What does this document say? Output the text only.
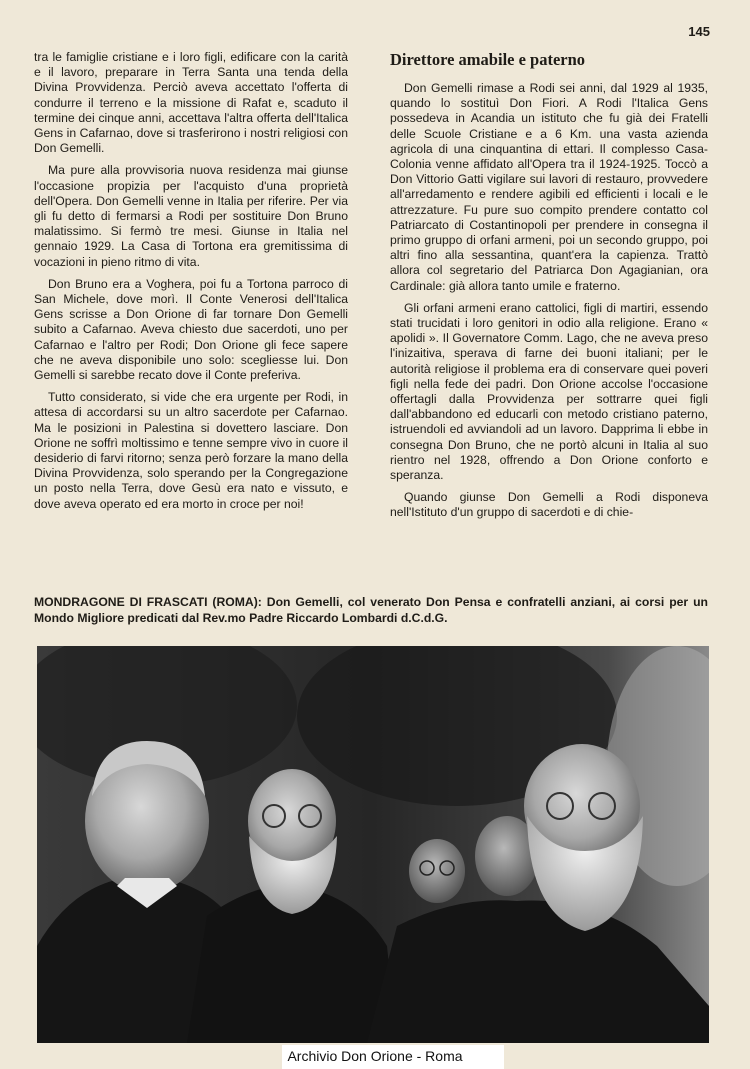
145

tra le famiglie cristiane e i loro figli, edificare con la carità e il lavoro, preparare in Terra Santa una tenda della Divina Provvidenza. Perciò aveva accettato l'offerta di condurre il terreno e la missione di Rafat e, scaduto il termine dei cinque anni, accettava l'altra offerta dell'Italica Gens in Cafarnao, dove si trasferirono i nostri religiosi con Don Gemelli.

Ma pure alla provvisoria nuova residenza mai giunse l'occasione propizia per l'acquisto d'una proprietà dell'Opera. Don Gemelli venne in Italia per riferire. Per via gli fu detto di fermarsi a Rodi per sostituire Don Bruno malatissimo. Si fermò tre mesi. Giunse in Italia nel gennaio 1929. La Casa di Tortona era gremitissima di vocazioni in pieno ritmo di vita.

Don Bruno era a Voghera, poi fu a Tortona parroco di San Michele, dove morì. Il Conte Venerosi dell'Italica Gens scrisse a Don Orione di far tornare Don Gemelli subito a Cafarnao. Aveva chiesto due sacerdoti, uno per Cafarnao e l'altro per Rodi; Don Orione gli fece sapere che ne aveva disponibile uno solo: scegliesse lui. Don Gemelli si sarebbe recato dove il Conte preferiva.

Tutto considerato, si vide che era urgente per Rodi, in attesa di accordarsi su un altro sacerdote per Cafarnao. Ma le posizioni in Palestina si dovettero lasciare. Don Orione ne soffrì moltissimo e tenne sempre vivo in cuore il desiderio di farvi ritorno; senza però forzare la mano della Divina Provvidenza, solo sperando per la Congregazione un posto nella Terra, dove Gesù era nato e vissuto, e dove aveva operato ed era morto in croce per noi!

Direttore amabile e paterno

Don Gemelli rimase a Rodi sei anni, dal 1929 al 1935, quando lo sostituì Don Fiori. A Rodi l'Italica Gens possedeva in Acandia un istituto che fu già dei Fratelli delle Scuole Cristiane e a 6 Km. una vasta azienda agricola di una cinquantina di ettari. Il complesso Casa-Colonia venne affidato all'Opera tra il 1924-1925. Toccò a Don Vittorio Gatti vigilare sui lavori di restauro, provvedere all'arredamento e rendere agibili ed efficienti i locali e le attrezzature. Fu pure suo compito prendere contatto col Patriarcato di Costantinopoli per prendere in consegna il primo gruppo di orfani armeni, poi un secondo gruppo, poi altri fino alla sessantina, quant'era la capienza. Trattò allora col segretario del Patriarca Don Agagianian, ora Cardinale: già allora tanto umile e fraterno.

Gli orfani armeni erano cattolici, figli di martiri, essendo stati trucidati i loro genitori in odio alla religione. Erano « apolidi ». Il Governatore Comm. Lago, che ne aveva preso l'inizaitiva, sperava di farne dei buoni italiani; per le autorità religiose il problema era di conservare quei poveri figli nella fede dei padri. Don Orione accolse l'occasione offertagli dalla Provvidenza per sottrarre quei figli dall'abbandono ed educarli con metodo cristiano paterno, istruendoli ed avviandoli ad un lavoro. Dapprima li ebbe in consegna Don Bruno, che ne portò alcuni in Italia al suo rientro nel 1928, offrendo a Don Orione conforto e speranza.

Quando giunse Don Gemelli a Rodi disponeva nell'Istituto d'un gruppo di sacerdoti e di chie-

MONDRAGONE DI FRASCATI (ROMA): Don Gemelli, col venerato Don Pensa e confratelli anziani, ai corsi per un Mondo Migliore predicati dal Rev.mo Padre Riccardo Lombardi d.C.d.G.
Archivio Don Orione - Roma
